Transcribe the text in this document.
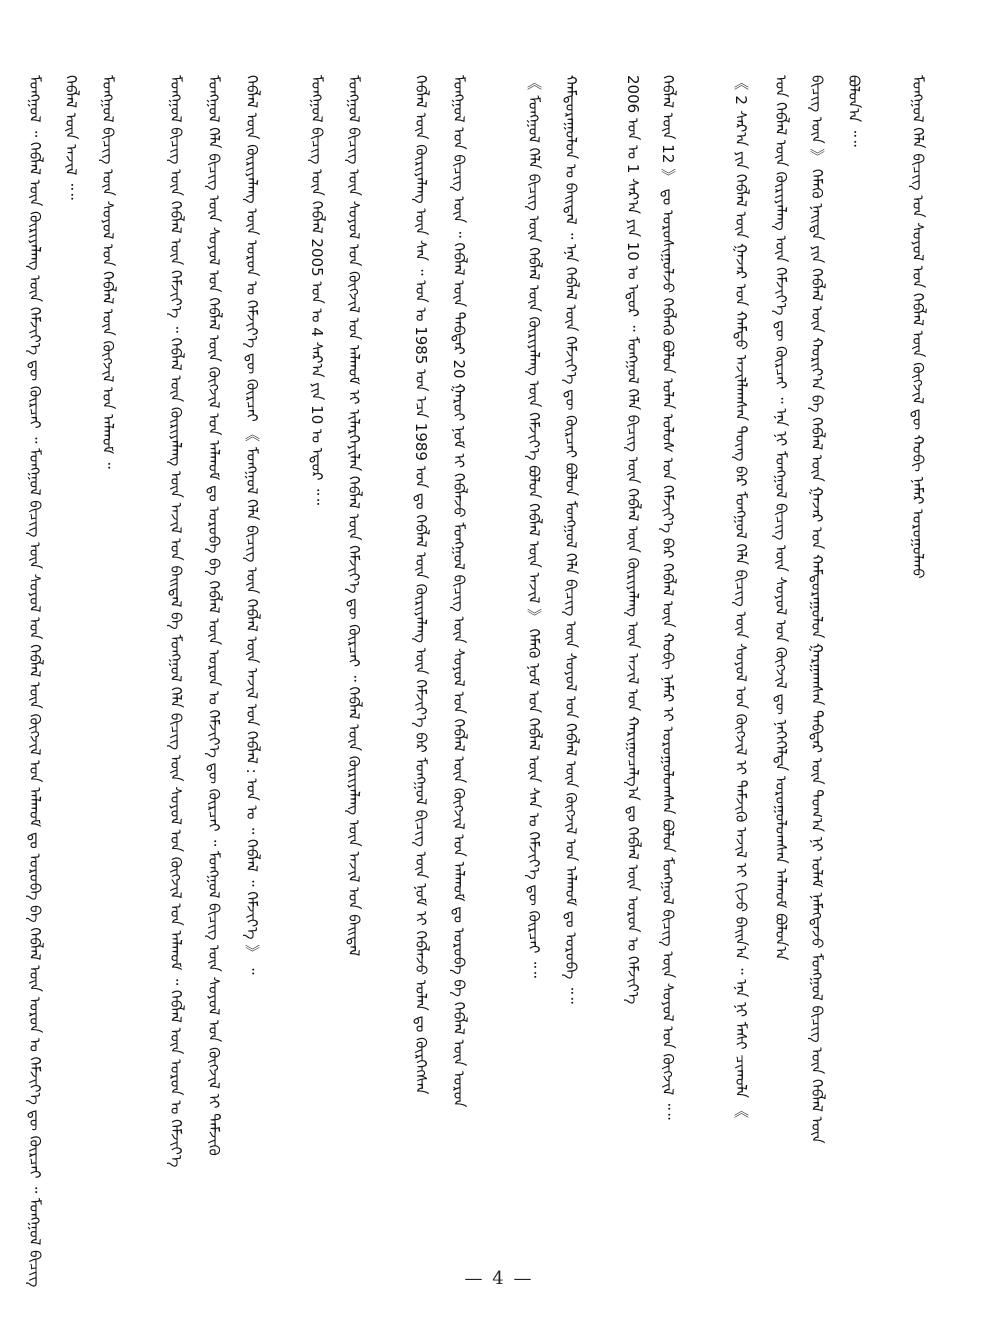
ᠮᠣᠩᠭᠣᠯ ᠬᠡᠯᠡ ᠪᠢᠴᠢᠭ ᠤᠨ ᠰᠣᠶᠣᠯ ᠤᠨ ᠬᠡᠪᠯᠡᠯ ᠦᠨ ᠬᠥᠭᠵᠢᠯ ᠳᠦ ᠬᠤᠪᠢ ᠨᠡᠮᠡᠷ ᠣᠷᠣᠭᠤᠯᠬᠤ
ᠪᠣᠯᠣᠨ᠎ᠠ ᠃᠃
ᠪᠢᠴᠢᠭ ᠦᠨ 》 ᠬᠡᠮᠡᠬᠦ ᠨᠡᠢᠲᠡ ᠶᠢᠨ ᠬᠡᠪᠯᠡᠯ ᠦᠨ ᠬᠣᠷᠢᠶ᠎ᠠ ᠪᠠ ᠬᠡᠪᠯᠡᠯ ᠦᠨ ᠭᠠᠵᠠᠷ ᠤᠨ ᠬᠠᠮᠲᠤᠷᠠᠭᠤᠯᠤᠨ ᠭᠠᠷᠭᠠᠭᠰᠠᠨ ᠳᠡᠪᠲᠡᠷ ᠦᠨ ᠲᠣᠭ᠎ᠠ ᠨᠢ ᠤᠯᠠᠮ ᠨᠡᠮᠡᠭᠳᠡᠵᠦ ᠮᠣᠩᠭᠣᠯ ᠪᠢᠴᠢᠭ ᠦᠨ ᠬᠡᠪᠯᠡᠯ ᠦᠨ
ᠤᠨ ᠬᠡᠪᠯᠡᠯ ᠦᠨ ᠬᠦᠷᠢᠶᠡᠯᠡᠩ ᠦᠨ ᠬᠡᠮᠵᠢᠶ᠎ᠡ ᠳᠦ ᠬᠦᠷᠴᠡᠢ ᠃ ᠡᠨᠡ ᠨᠢ ᠮᠣᠩᠭᠣᠯ ᠪᠢᠴᠢᠭ ᠦᠨ ᠰᠣᠶᠣᠯ ᠤᠨ ᠬᠥᠭᠵᠢᠯ ᠳᠦ ᠨᠡᠭᠡᠭᠡᠯᠲᠡ ᠣᠷᠣᠭᠤᠯᠤᠭᠰᠠᠨ ᠠᠯᠬᠤᠮ ᠪᠣᠯᠤᠨ᠎ᠠ
《 2 ᠰᠠᠷ᠎ᠠ ᠶᠢᠨ ᠬᠡᠪᠯᠡᠯ ᠦᠨ ᠭᠠᠵᠠᠷ ᠤᠨ ᠬᠠᠮᠲᠤ ᠠᠵᠢᠯᠯᠠᠭᠰᠠᠨ ᠳᠦᠩ ᠪᠠᠷ ᠮᠣᠩᠭᠣᠯ ᠬᠡᠯᠡ ᠪᠢᠴᠢᠭ ᠦᠨ ᠰᠣᠶᠣᠯ ᠤᠨ ᠬᠥᠭᠵᠢᠯ ᠢ ᠳᠡᠮᠵᠢᠬᠦ ᠠᠵᠢᠯ ᠢ ᠬᠢᠵᠦ ᠪᠠᠢᠨ᠎ᠠ ᠃ ᠡᠨᠡ ᠨᠢ ᠮᠠᠰᠢ ᠴᠢᠬᠤᠯᠠ 《
ᠬᠡᠪᠯᠡᠯ ᠦᠨ 12 》 ᠳᠤ ᠣᠷᠣᠰᠢᠭᠤᠯᠵᠤ ᠬᠡᠪᠯᠡᠬᠦ ᠪᠣᠯᠤᠨ ᠣᠯᠠᠨ ᠤᠯᠤᠰ ᠤᠨ ᠬᠡᠮᠵᠢᠶ᠎ᠡ ᠪᠠᠷ ᠬᠡᠪᠯᠡᠯ ᠦᠨ ᠬᠤᠪᠢ ᠨᠡᠮᠡᠷ ᠢ ᠣᠷᠣᠭᠤᠯᠤᠭᠰᠠᠨ ᠪᠣᠯᠤᠨ ᠮᠣᠩᠭᠣᠯ ᠪᠢᠴᠢᠭ ᠦᠨ ᠰᠣᠶᠣᠯ ᠤᠨ ᠬᠥᠭᠵᠢᠯ ᠃᠃
2006 ᠣᠨ ᠤ 1 ᠰᠠᠷ᠎ᠠ ᠶᠢᠨ 10 ᠤ ᠡᠳᠦᠷ ᠃ ᠮᠣᠩᠭᠣᠯ ᠬᠡᠯᠡ ᠪᠢᠴᠢᠭ ᠦᠨ ᠬᠡᠪᠯᠡᠯ ᠦᠨ ᠬᠦᠷᠢᠶᠡᠯᠡᠩ ᠦᠨ ᠠᠵᠢᠯ ᠤᠨ ᠬᠠᠷᠢᠭᠤᠴᠠᠯᠭ᠎ᠠ ᠳᠤ ᠬᠡᠪᠯᠡᠯ ᠦᠨ ᠣᠷᠣᠨ ᠤ ᠬᠡᠮᠵᠢᠶ᠎ᠡ
ᠬᠠᠮᠲᠤᠷᠠᠭᠤᠯᠤᠨ ᠤ ᠪᠠᠢᠳᠠᠯ ᠃ ᠡᠨᠡ ᠬᠡᠪᠯᠡᠯ ᠦᠨ ᠬᠡᠮᠵᠢᠶ᠎ᠡ ᠳᠦ ᠬᠦᠷᠴᠡᠢ ᠪᠣᠯᠤᠨ ᠮᠣᠩᠭᠣᠯ ᠬᠡᠯᠡ ᠪᠢᠴᠢᠭ ᠦᠨ ᠰᠣᠶᠣᠯ ᠤᠨ ᠬᠡᠪᠯᠡᠯ ᠦᠨ ᠬᠥᠭᠵᠢᠯ ᠤᠨ ᠠᠯᠬᠤᠮ ᠳᠤ ᠣᠷᠣᠪᠠ ᠃᠃
《 ᠮᠣᠩᠭᠣᠯ ᠬᠡᠯᠡ ᠪᠢᠴᠢᠭ ᠦᠨ ᠬᠡᠪᠯᠡᠯ ᠦᠨ ᠬᠦᠷᠢᠶᠡᠯᠡᠩ ᠦᠨ ᠬᠡᠮᠵᠢᠶ᠎ᠡ ᠪᠣᠯᠤᠨ ᠬᠡᠪᠯᠡᠯ ᠦᠨ ᠠᠵᠢᠯ 》 ᠬᠡᠮᠡᠬᠦ ᠨᠣᠮ ᠤᠨ ᠬᠡᠪᠯᠡᠯ ᠦᠨ ᠰᠠᠨ ᠤ ᠬᠡᠮᠵᠢᠶ᠎ᠡ ᠳᠦ ᠬᠦᠷᠴᠡᠢ ᠃᠃
ᠮᠣᠩᠭᠣᠯ ᠤᠨ ᠪᠢᠴᠢᠭ ᠦᠨ ᠃ ᠬᠡᠪᠯᠡᠯ ᠦᠨ ᠳᠡᠪᠲᠡᠷ 20 ᠭᠠᠷᠤᠢ ᠨᠣᠮ ᠢ ᠬᠡᠪᠯᠡᠵᠦ ᠮᠣᠩᠭᠣᠯ ᠪᠢᠴᠢᠭ ᠦᠨ ᠰᠣᠶᠣᠯ ᠤᠨ ᠬᠡᠪᠯᠡᠯ ᠦᠨ ᠬᠥᠭᠵᠢᠯ ᠤᠨ ᠠᠯᠬᠤᠮ ᠳᠤ ᠣᠷᠣᠪᠠ ᠪᠠ ᠬᠡᠪᠯᠡᠯ ᠦᠨ ᠣᠷᠣᠨ
ᠬᠡᠪᠯᠡᠯ ᠦᠨ ᠬᠦᠷᠢᠶᠡᠯᠡᠩ ᠦᠨ ᠰᠠᠨ ᠃ ᠣᠨ ᠤ 1985 ᠣᠨ ᠡᠴᠡ 1989 ᠣᠨ ᠳᠤ ᠬᠡᠪᠯᠡᠯ ᠦᠨ ᠬᠦᠷᠢᠶᠡᠯᠡᠩ ᠦᠨ ᠬᠡᠮᠵᠢᠶ᠎ᠡ ᠪᠠᠷ ᠮᠣᠩᠭᠣᠯ ᠪᠢᠴᠢᠭ ᠦᠨ ᠨᠣᠮ ᠢ ᠬᠡᠪᠯᠡᠵᠦ ᠣᠯᠠᠨ ᠳᠤ ᠬᠦᠷᠭᠡᠭᠰᠡᠨ
ᠮᠣᠩᠭᠣᠯ ᠪᠢᠴᠢᠭ ᠦᠨ ᠰᠣᠶᠣᠯ ᠤᠨ ᠬᠥᠭᠵᠢᠯ ᠤᠨ ᠠᠯᠬᠤᠮ ᠢ ᠢᠯᠡᠷᠬᠡᠶᠢᠯᠡᠨ ᠬᠡᠪᠯᠡᠯ ᠦᠨ ᠬᠡᠮᠵᠢᠶ᠎ᠡ ᠳᠦ ᠬᠦᠷᠴᠡᠢ ᠃ ᠬᠡᠪᠯᠡᠯ ᠦᠨ ᠬᠦᠷᠢᠶᠡᠯᠡᠩ ᠦᠨ ᠠᠵᠢᠯ ᠤᠨ ᠪᠠᠢᠳᠠᠯ
ᠮᠣᠩᠭᠣᠯ ᠪᠢᠴᠢᠭ ᠦᠨ ᠬᠡᠪᠯᠡᠯ 2005 ᠣᠨ ᠤ 4 ᠰᠠᠷ᠎ᠠ ᠶᠢᠨ 10 ᠤ ᠡᠳᠦᠷ ᠃᠃
ᠬᠡᠪᠯᠡᠯ ᠦᠨ ᠬᠦᠷᠢᠶᠡᠯᠡᠩ ᠦᠨ ᠣᠷᠣᠨ ᠤ ᠬᠡᠮᠵᠢᠶ᠎ᠡ ᠳᠦ ᠬᠦᠷᠴᠡᠢ 《 ᠮᠣᠩᠭᠣᠯ ᠬᠡᠯᠡ ᠪᠢᠴᠢᠭ ᠦᠨ ᠬᠡᠪᠯᠡᠯ ᠦᠨ ᠠᠵᠢᠯ ᠤᠨ ᠬᠡᠪᠯᠡᠯ : ᠣᠨ ᠤ ᠃ ᠬᠡᠪᠯᠡᠯ ᠃ ᠬᠡᠮᠵᠢᠶ᠎ᠡ 》 ᠃
ᠮᠣᠩᠭᠣᠯ ᠬᠡᠯᠡ ᠪᠢᠴᠢᠭ ᠦᠨ ᠰᠣᠶᠣᠯ ᠤᠨ ᠬᠡᠪᠯᠡᠯ ᠦᠨ ᠬᠥᠭᠵᠢᠯ ᠤᠨ ᠠᠯᠬᠤᠮ ᠳᠤ ᠣᠷᠣᠪᠠ ᠪᠠ ᠬᠡᠪᠯᠡᠯ ᠦᠨ ᠣᠷᠣᠨ ᠤ ᠬᠡᠮᠵᠢᠶ᠎ᠡ ᠳᠦ ᠬᠦᠷᠴᠡᠢ ᠃ ᠮᠣᠩᠭᠣᠯ ᠪᠢᠴᠢᠭ ᠦᠨ ᠰᠣᠶᠣᠯ ᠤᠨ ᠬᠥᠭᠵᠢᠯ ᠢ ᠳᠡᠮᠵᠢᠬᠦ
ᠮᠣᠩᠭᠣᠯ ᠪᠢᠴᠢᠭ ᠦᠨ ᠬᠡᠪᠯᠡᠯ ᠦᠨ ᠬᠡᠮᠵᠢᠶ᠎ᠡ ᠃ ᠬᠡᠪᠯᠡᠯ ᠦᠨ ᠬᠦᠷᠢᠶᠡᠯᠡᠩ ᠦᠨ ᠠᠵᠢᠯ ᠤᠨ ᠪᠠᠢᠳᠠᠯ ᠪᠠ ᠮᠣᠩᠭᠣᠯ ᠬᠡᠯᠡ ᠪᠢᠴᠢᠭ ᠦᠨ ᠰᠣᠶᠣᠯ ᠤᠨ ᠬᠥᠭᠵᠢᠯ ᠤᠨ ᠠᠯᠬᠤᠮ ᠃ ᠬᠡᠪᠯᠡᠯ ᠦᠨ ᠣᠷᠣᠨ ᠤ ᠬᠡᠮᠵᠢᠶ᠎ᠡ
ᠮᠣᠩᠭᠣᠯ ᠪᠢᠴᠢᠭ ᠦᠨ ᠰᠣᠶᠣᠯ ᠤᠨ ᠬᠡᠪᠯᠡᠯ ᠦᠨ ᠬᠥᠭᠵᠢᠯ ᠤᠨ ᠠᠯᠬᠤᠮ ᠃
ᠬᠡᠪᠯᠡᠯ ᠦᠨ ᠠᠵᠢᠯ ᠃᠃
ᠮᠣᠩᠭᠣᠯ ᠃ ᠬᠡᠪᠯᠡᠯ ᠦᠨ ᠬᠦᠷᠢᠶᠡᠯᠡᠩ ᠦᠨ ᠬᠡᠮᠵᠢᠶ᠎ᠡ ᠳᠦ ᠬᠦᠷᠴᠡᠢ ᠃ ᠮᠣᠩᠭᠣᠯ ᠪᠢᠴᠢᠭ ᠦᠨ ᠰᠣᠶᠣᠯ ᠤᠨ ᠬᠡᠪᠯᠡᠯ ᠦᠨ ᠬᠥᠭᠵᠢᠯ ᠤᠨ ᠠᠯᠬᠤᠮ ᠳᠤ ᠣᠷᠣᠪᠠ ᠪᠠ ᠬᠡᠪᠯᠡᠯ ᠦᠨ ᠣᠷᠣᠨ ᠤ ᠬᠡᠮᠵᠢᠶ᠎ᠡ ᠳᠦ ᠬᠦᠷᠴᠡᠢ ᠃ ᠮᠣᠩᠭᠣᠯ ᠪᠢᠴᠢᠭ	— 4 —
